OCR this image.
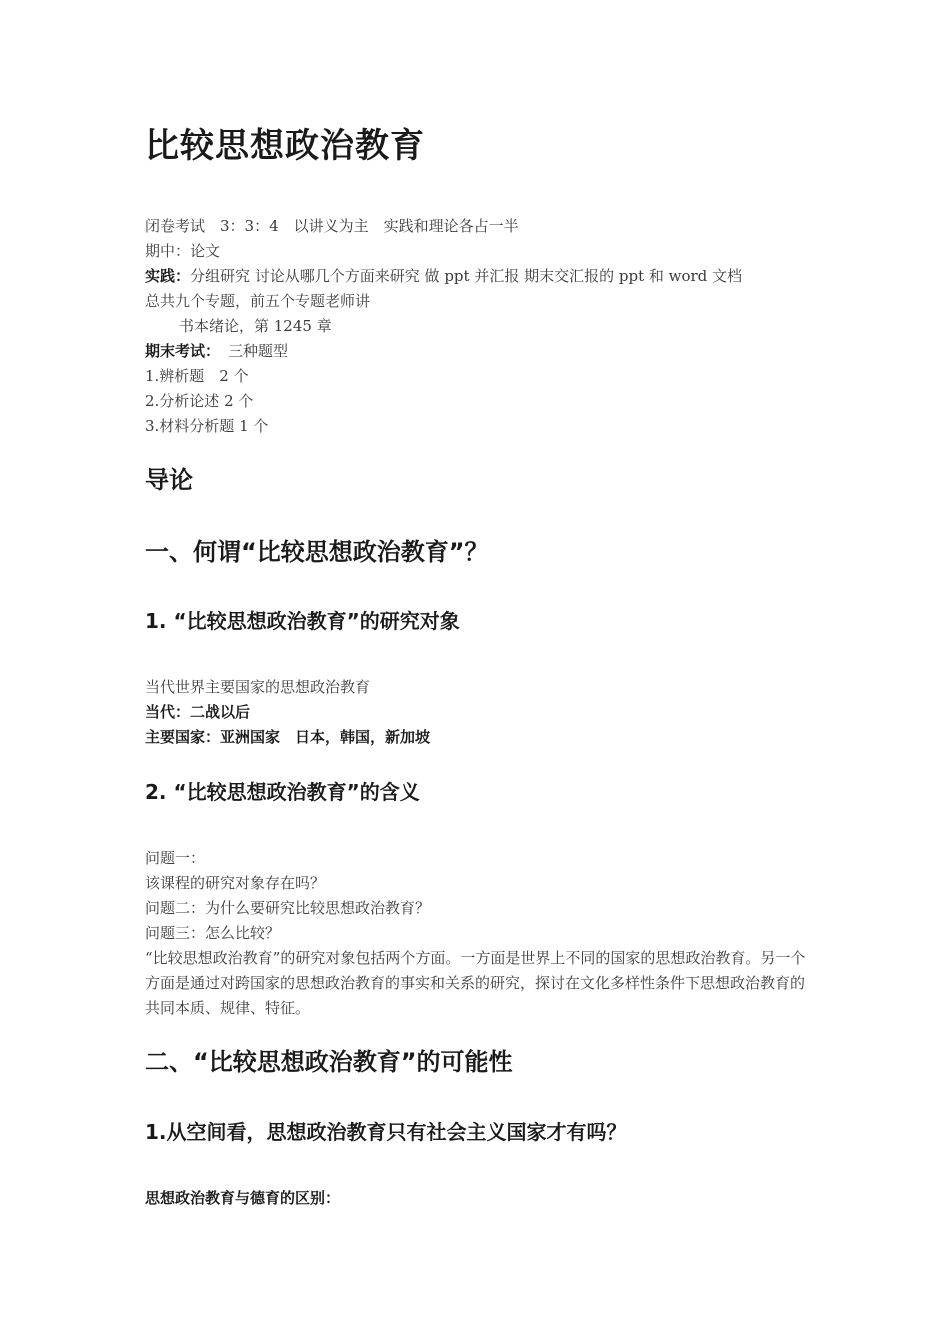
比较思想政治教育
闭卷考试　3：3：4　以讲义为主　实践和理论各占一半
期中：论文
实践：分组研究 讨论从哪几个方面来研究 做 ppt 并汇报 期末交汇报的 ppt 和 word 文档
总共九个专题，前五个专题老师讲
书本绪论，第 1245 章
期末考试： 三种题型
1.辨析题　2 个
2.分析论述 2 个
3.材料分析题 1 个
导论
一、何谓“比较思想政治教育”？
1. “比较思想政治教育”的研究对象
当代世界主要国家的思想政治教育
当代：二战以后
主要国家：亚洲国家　日本，韩国，新加坡
2. “比较思想政治教育”的含义
问题一：
该课程的研究对象存在吗？
问题二：为什么要研究比较思想政治教育？
问题三：怎么比较？
“比较思想政治教育”的研究对象包括两个方面。一方面是世界上不同的国家的思想政治教育。另一个方面是通过对跨国家的思想政治教育的事实和关系的研究，探讨在文化多样性条件下思想政治教育的共同本质、规律、特征。
二、“比较思想政治教育”的可能性
1.从空间看，思想政治教育只有社会主义国家才有吗？
思想政治教育与德育的区别：
